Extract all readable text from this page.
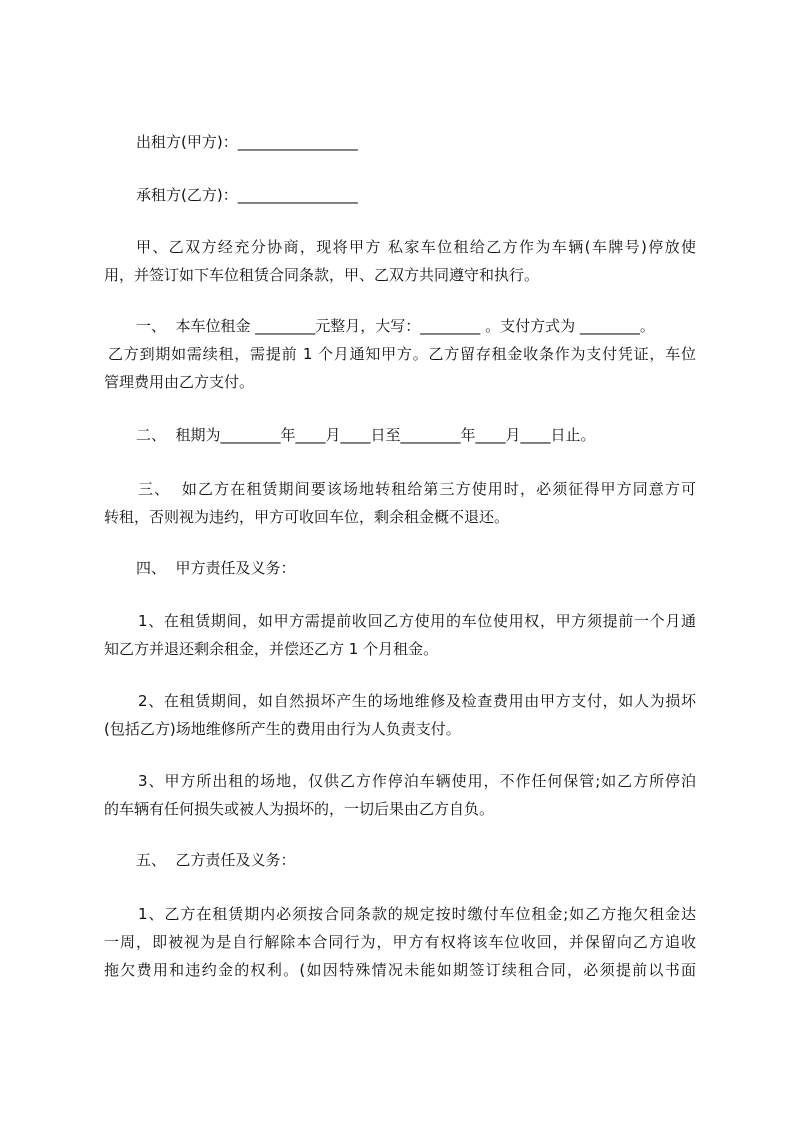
出租方(甲方)：________________
承租方(乙方)：________________
甲、乙双方经充分协商，现将甲方 私家车位租给乙方作为车辆(车牌号)停放使
用，并签订如下车位租赁合同条款，甲、乙双方共同遵守和执行。
一、  本车位租金 ________元整月，大写：________ 。支付方式为 ________。
乙方到期如需续租，需提前 1 个月通知甲方。乙方留存租金收条作为支付凭证，车位
管理费用由乙方支付。
二、  租期为________年____月____日至________年____月____日止。
三、  如乙方在租赁期间要该场地转租给第三方使用时，必须征得甲方同意方可
转租，否则视为违约，甲方可收回车位，剩余租金概不退还。
四、  甲方责任及义务：
1、在租赁期间，如甲方需提前收回乙方使用的车位使用权，甲方须提前一个月通
知乙方并退还剩余租金，并偿还乙方 1 个月租金。
2、在租赁期间，如自然损坏产生的场地维修及检查费用由甲方支付，如人为损坏
(包括乙方)场地维修所产生的费用由行为人负责支付。
3、甲方所出租的场地，仅供乙方作停泊车辆使用，不作任何保管;如乙方所停泊
的车辆有任何损失或被人为损坏的，一切后果由乙方自负。
五、  乙方责任及义务：
1、乙方在租赁期内必须按合同条款的规定按时缴付车位租金;如乙方拖欠租金达
一周，即被视为是自行解除本合同行为，甲方有权将该车位收回，并保留向乙方追收
拖欠费用和违约金的权利。(如因特殊情况未能如期签订续租合同，必须提前以书面
